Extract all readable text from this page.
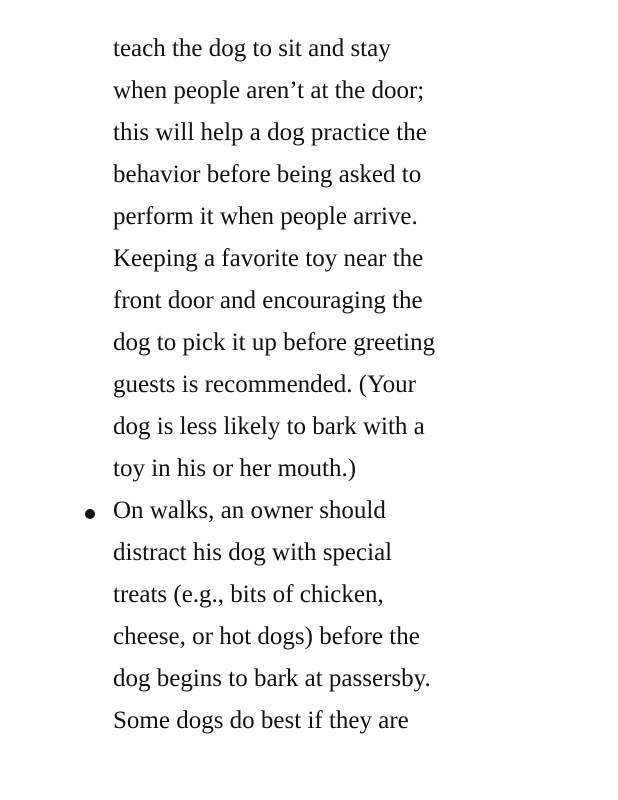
teach the dog to sit and stay
when people aren’t at the door;
this will help a dog practice the
behavior before being asked to
perform it when people arrive.
Keeping a favorite toy near the
front door and encouraging the
dog to pick it up before greeting
guests is recommended. (Your
dog is less likely to bark with a
toy in his or her mouth.)
On walks, an owner should
distract his dog with special
treats (e.g., bits of chicken,
cheese, or hot dogs) before the
dog begins to bark at passersby.
Some dogs do best if they are
